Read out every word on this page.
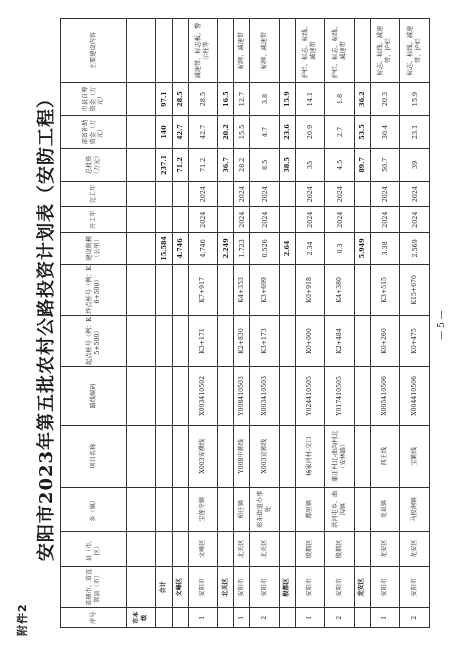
附件2
安阳市2023年第五批农村公路投资计划表（安防工程）
序号	省辖市、省直管县（市）	县（市、区）	乡（镇）	项目名称	路线编码	起点桩号（例：K5+500）	终点桩号（例：K6+500）	建设规模（公里）	开工年	完工年	总投资（万元）	部省补助资金（万元）	市县自筹资金（万元）	主要建设内容
市本级														
	合计							15.584			237.1	140	97.1	
	文峰区							4.746			71.2	42.7	28.5	
1	安阳市	文峰区	宝莲寺镇	X003安濮线	X003410502	K3+171	K7+917	4.746	2024	2024	71.2	42.7	28.5	减速带、标志板、警示柱等
	北关区							2.249			36.7	20.2	16.5	
1	安阳市	北关区	柏庄镇	Y008中韩线	Y008410503	K2+830	K4+353	1.723	2024	2024	28.2	15.5	12.7	标牌、减速带
2	安阳市	北关区	彰东街道办事处	X003宣郭线	X003410503	K3+173	K3+699	0.526	2024	2024	8.5	4.7	3.8	标牌、减速带
	殷都区							2.64			38.5	23.6	15.9	
1	安阳市	殷都区	都里镇	杨家河村-交口	Y024410505	K0+000	K0+918	2.34	2024	2024	35	20.9	14.1	护栏、标志、标线、减速带
2	安阳市	殷都区	洪河屯乡、曲沟镇	蒲正村北-曲沟村北（安林路）	Y017410505	K2+484	K4+380	0.3	2024	2024	4.5	2.7	1.8	护栏、标志、标线、减速带
	龙安区							5.949			89.7	53.5	36.2	
1	安阳市	龙安区	龙泉镇	西王线	X005410506	K0+260	K3+515	3.38	2024	2024	50.7	30.4	20.3	标志、标线、减速带、护栏
2	安阳市	龙安区	马投涧镇	宝勤线	X004410506	K0+475	K15+670	2.569	2024	2024	39	23.1	15.9	标志、标线、减速带、护栏
— 5 —
